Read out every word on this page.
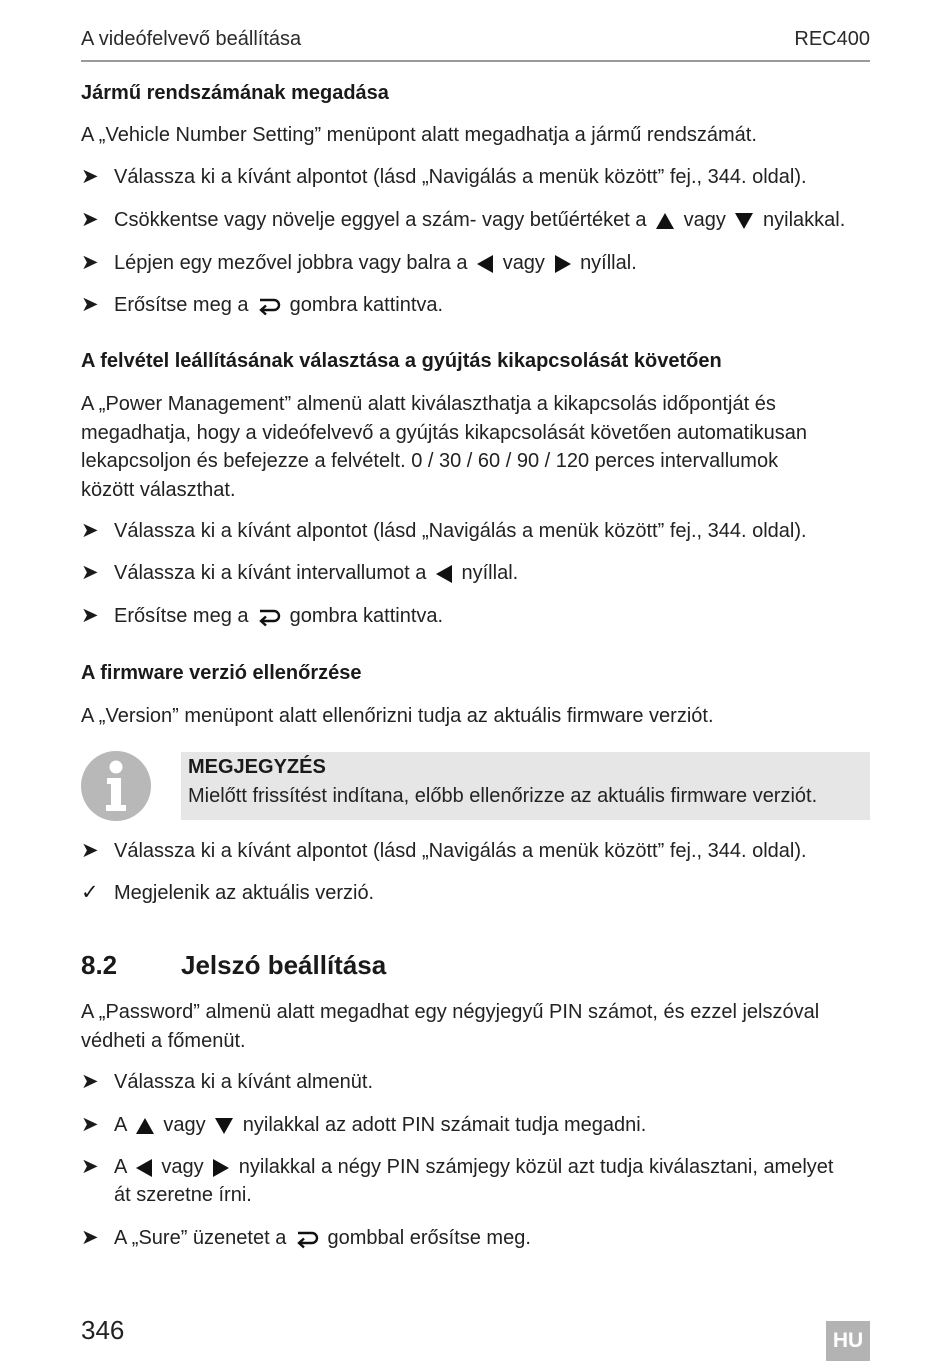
A videófelvevő beállítása	REC400

Jármű rendszámának megadása

A „Vehicle Number Setting” menüpont alatt megadhatja a jármű rendszámát.

➤ Válassza ki a kívánt alpontot (lásd „Navigálás a menük között” fej., 344. oldal).
➤ Csökkentse vagy növelje eggyel a szám- vagy betűértéket a vagy nyilakkal.
➤ Lépjen egy mezővel jobbra vagy balra a vagy nyíllal.
➤ Erősítse meg a gombra kattintva.

A felvétel leállításának választása a gyújtás kikapcsolását követően

A „Power Management” almenü alatt kiválaszthatja a kikapcsolás időpontját és

megadhatja, hogy a videófelvevő a gyújtás kikapcsolását követően automatikusan

lekapcsoljon és befejezze a felvételt. 0 / 30 / 60 / 90 / 120 perces intervallumok

között választhat.

➤ Válassza ki a kívánt alpontot (lásd „Navigálás a menük között” fej., 344. oldal).
➤ Válassza ki a kívánt intervallumot a nyíllal.
➤ Erősítse meg a gombra kattintva.

A firmware verzió ellenőrzése

A „Version” menüpont alatt ellenőrizni tudja az aktuális firmware verziót.

MEGJEGYZÉS
Mielőtt frissítést indítana, előbb ellenőrizze az aktuális firmware verziót.
➤ Válassza ki a kívánt alpontot (lásd „Navigálás a menük között” fej., 344. oldal).
✓ Megjelenik az aktuális verzió.
8.2 Jelszó beállítása

A „Password” almenü alatt megadhat egy négyjegyű PIN számot, és ezzel jelszóval

védheti a főmenüt.

➤ Válassza ki a kívánt almenüt.
➤ A vagy nyilakkal az adott PIN számait tudja megadni.
➤ A vagy nyilakkal a négy PIN számjegy közül azt tudja kiválasztani, amelyet
át szeretne írni.
➤ A „Sure” üzenetet a gombbal erősítse meg.
346	HU
